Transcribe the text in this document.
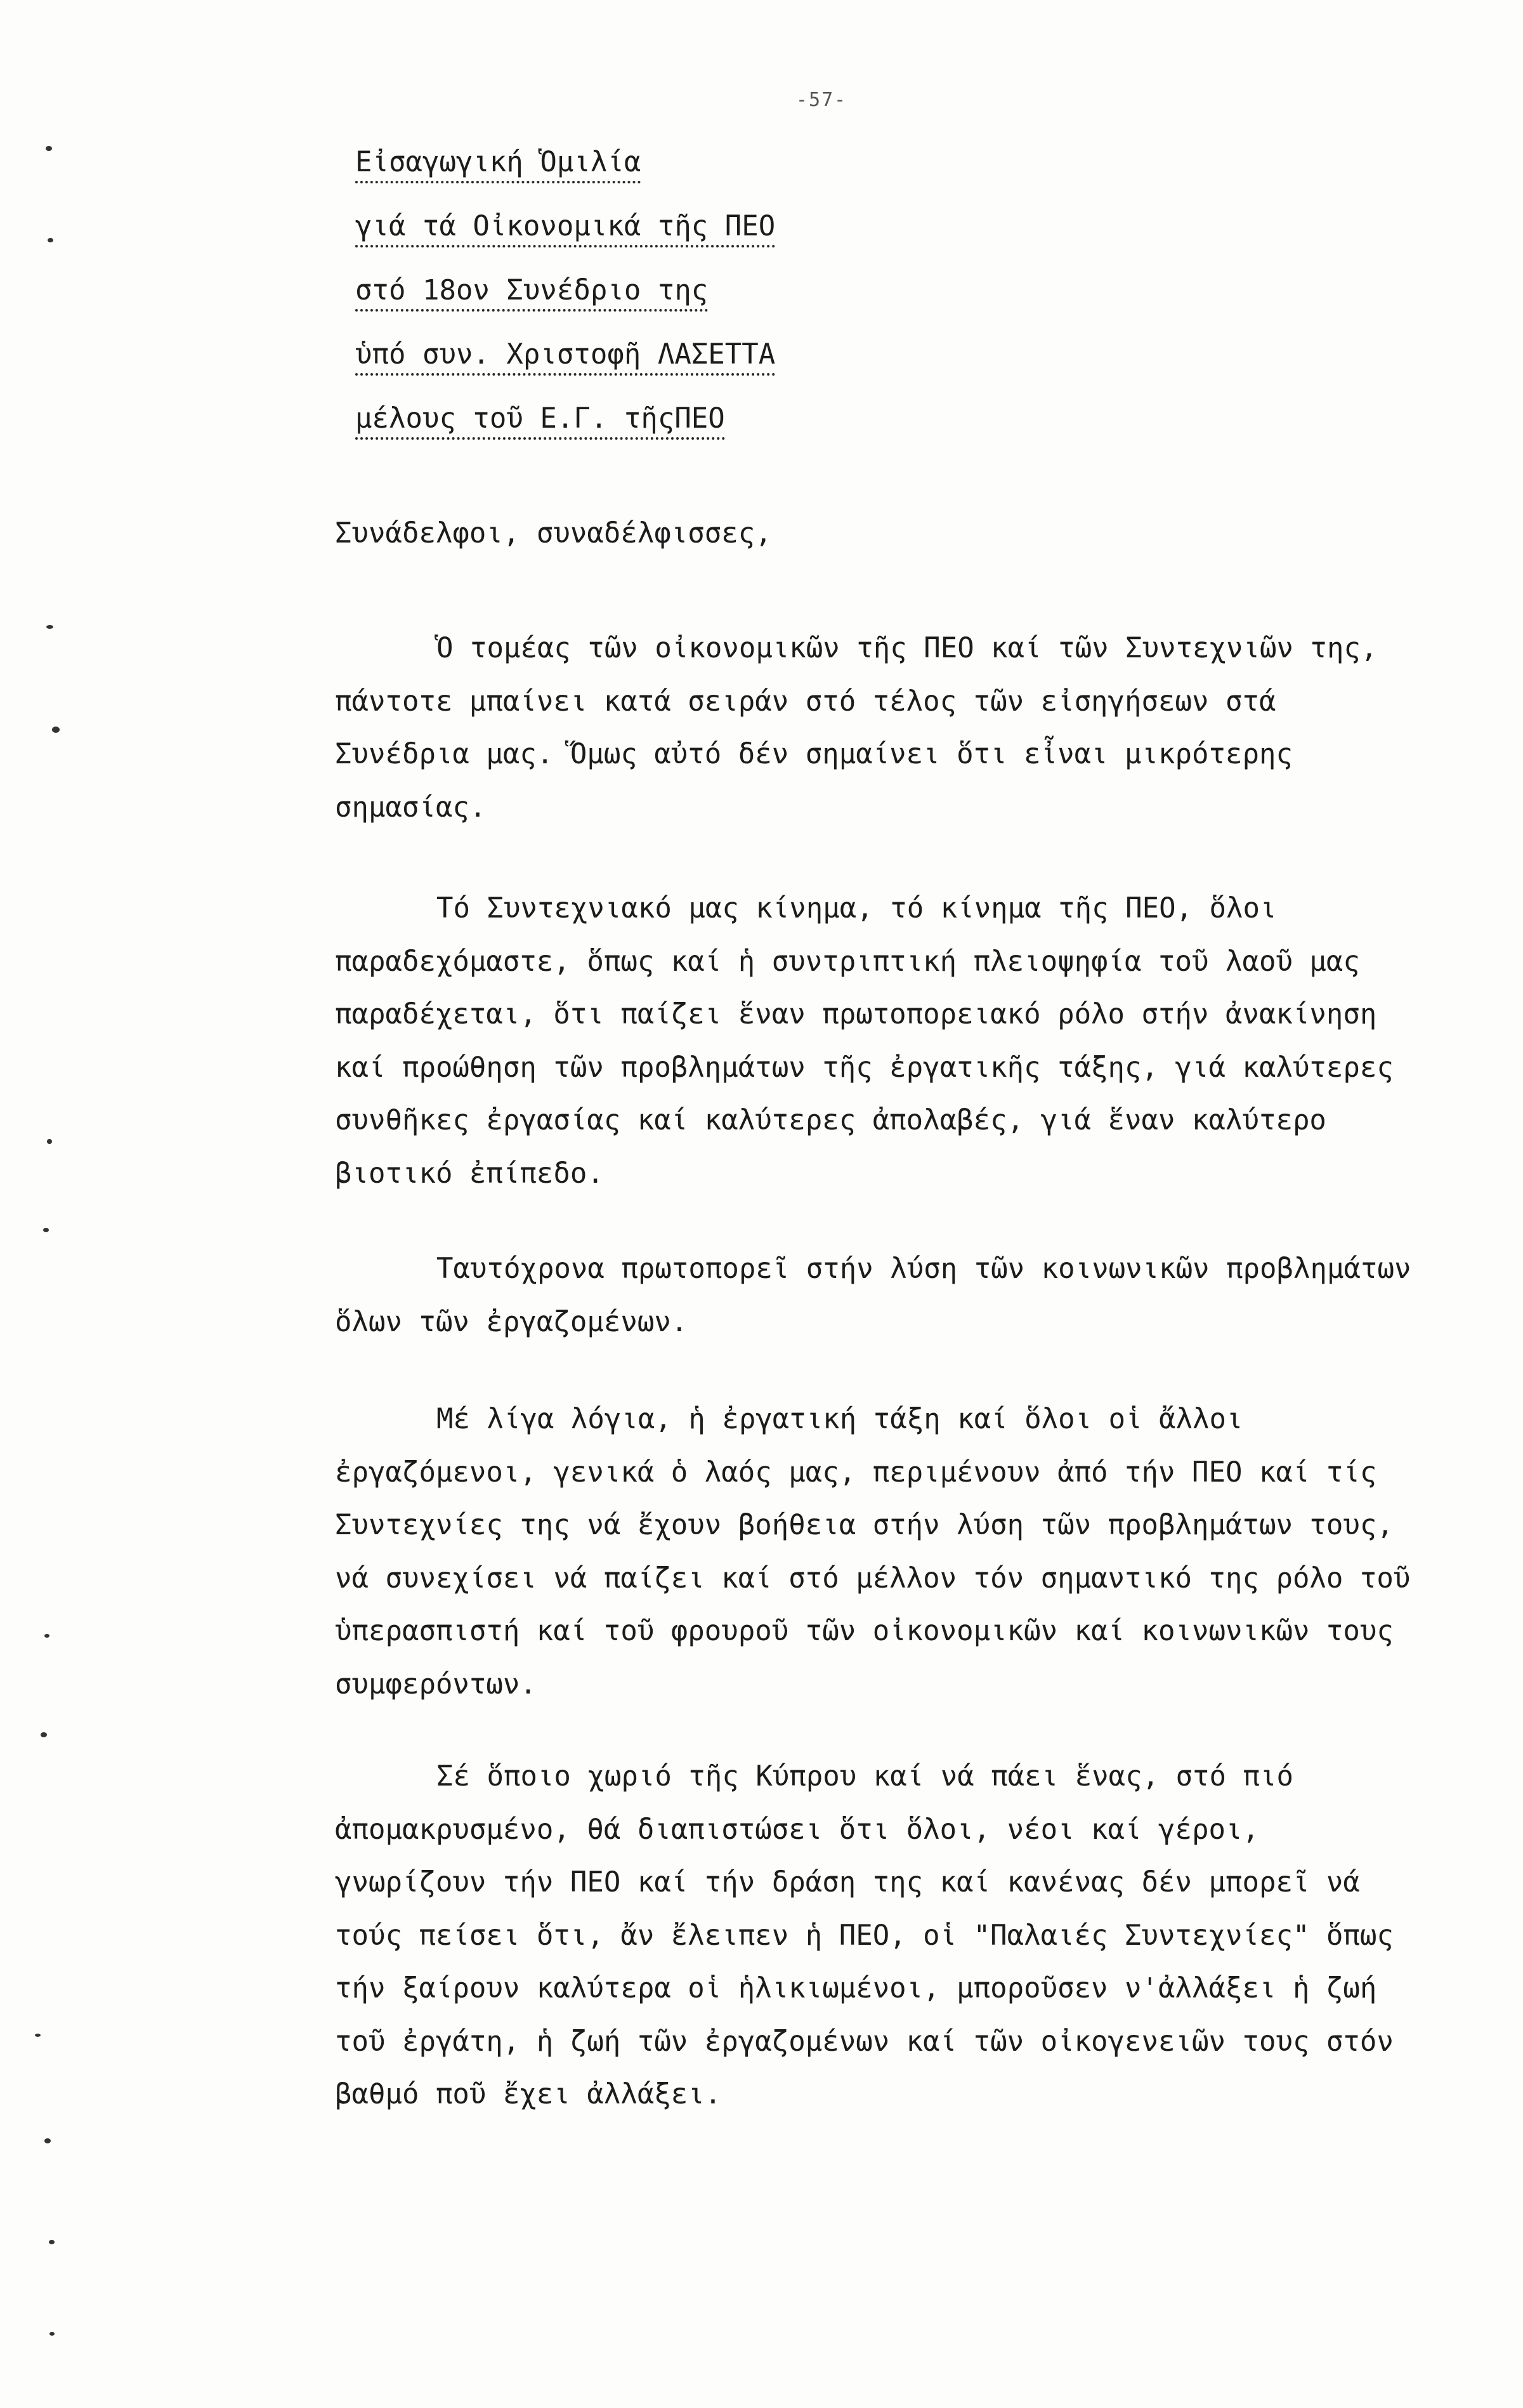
-57-
Εἰσαγωγική Ὁμιλία
γιά τά Οἰκονομικά τῆς ΠΕΟ
στό 18ον Συνέδριο της
ὑπό συν. Χριστοφῆ ΛΑΣΕΤΤΑ
μέλους τοῦ Ε.Γ. τῆςΠΕΟ
Συνάδελφοι, συναδέλφισσες,

Ὁ τομέας τῶν οἰκονομικῶν τῆς ΠΕΟ καί τῶν Συντεχνιῶν της, πάντοτε μπαίνει κατά σειράν στό τέλος τῶν εἰσηγήσεων στά Συνέδρια μας. Ὅμως αὐτό δέν σημαίνει ὅτι εἶναι μικρότερης σημασίας.

Τό Συντεχνιακό μας κίνημα, τό κίνημα τῆς ΠΕΟ, ὅλοι παραδεχόμαστε, ὅπως καί ἡ συντριπτική πλειοψηφία τοῦ λαοῦ μας παραδέχεται, ὅτι παίζει ἕναν πρωτοπορειακό ρόλο στήν ἀνακίνηση καί προώθηση τῶν προβλημάτων τῆς ἐργατικῆς τάξης, γιά καλύτερες συνθῆκες ἐργασίας καί καλύτερες ἀπολαβές, γιά ἕναν καλύτερο βιοτικό ἐπίπεδο.

Ταυτόχρονα πρωτοπορεῖ στήν λύση τῶν κοινωνικῶν προβλημάτων ὅλων τῶν ἐργαζομένων.

Μέ λίγα λόγια, ἡ ἐργατική τάξη καί ὅλοι οἱ ἄλλοι ἐργαζόμενοι, γενικά ὁ λαός μας, περιμένουν ἀπό τήν ΠΕΟ καί τίς Συντεχνίες της νά ἔχουν βοήθεια στήν λύση τῶν προβλημάτων τους, νά συνεχίσει νά παίζει καί στό μέλλον τόν σημαντικό της ρόλο τοῦ ὑπερασπιστή καί τοῦ φρουροῦ τῶν οἰκονομικῶν καί κοινωνικῶν τους συμφερόντων.

Σέ ὅποιο χωριό τῆς Κύπρου καί νά πάει ἕνας, στό πιό ἀπομακρυσμένο, θά διαπιστώσει ὅτι ὅλοι, νέοι καί γέροι, γνωρίζουν τήν ΠΕΟ καί τήν δράση της καί κανένας δέν μπορεῖ νά τούς πείσει ὅτι, ἄν ἔλειπεν ἡ ΠΕΟ, οἱ "Παλαιές Συντεχνίες" ὅπως τήν ξαίρουν καλύτερα οἱ ἡλικιωμένοι, μποροῦσεν ν'ἀλλάξει ἡ ζωή τοῦ ἐργάτη, ἡ ζωή τῶν ἐργαζομένων καί τῶν οἰκογενειῶν τους στόν βαθμό ποῦ ἔχει ἀλλάξει.
